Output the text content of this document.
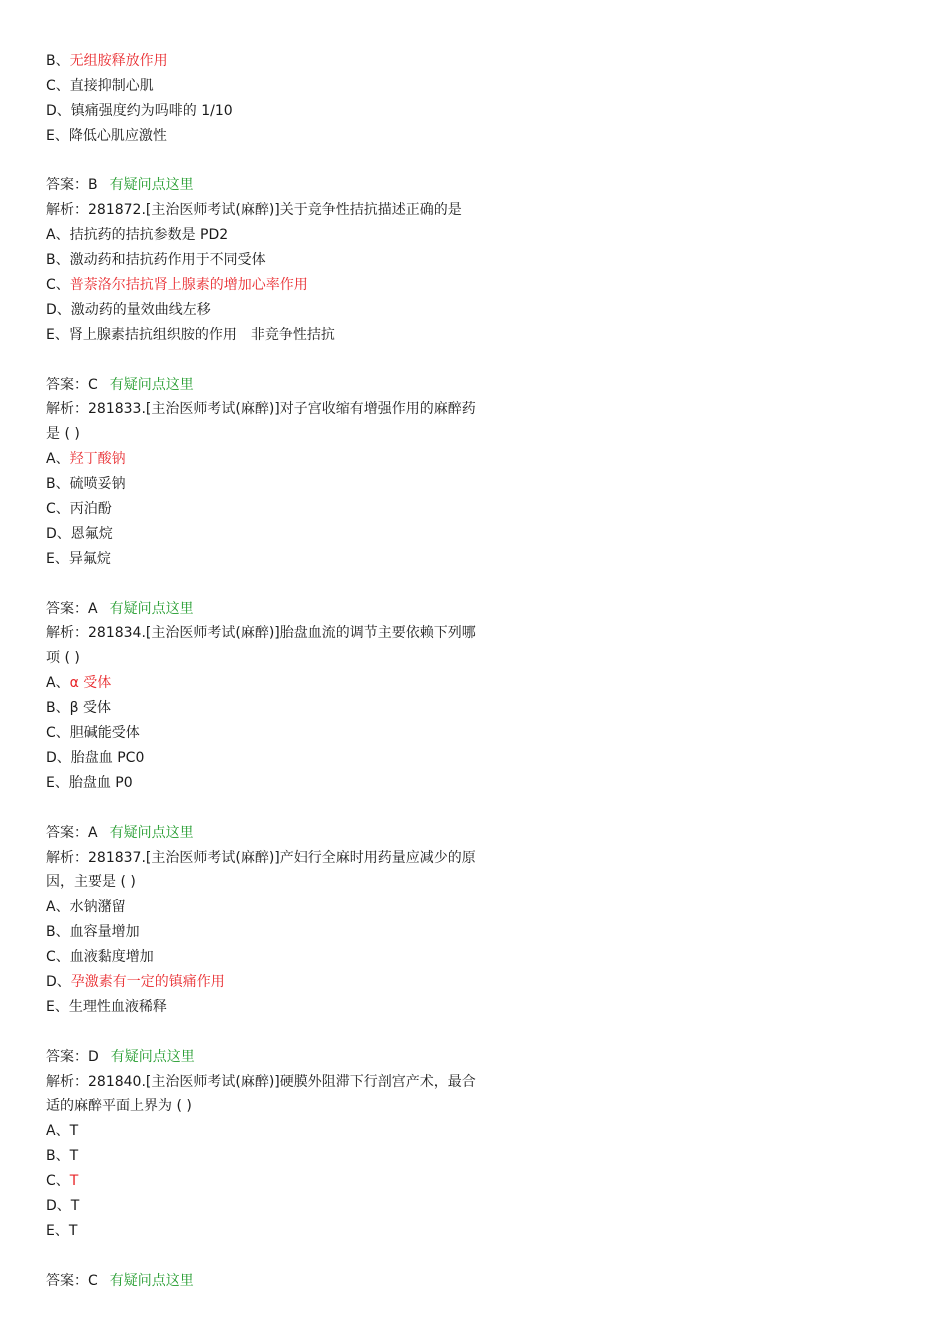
B、无组胺释放作用
C、直接抑制心肌
D、镇痛强度约为吗啡的 1/10
E、降低心肌应激性
答案：B 有疑问点这里
解析：281872.[主治医师考试(麻醉)]关于竞争性拮抗描述正确的是
A、拮抗药的拮抗参数是 PD2
B、激动药和拮抗药作用于不同受体
C、普萘洛尔拮抗肾上腺素的增加心率作用
D、激动药的量效曲线左移
E、肾上腺素拮抗组织胺的作用　非竞争性拮抗
答案：C 有疑问点这里
解析：281833.[主治医师考试(麻醉)]对子宫收缩有增强作用的麻醉药
是 ( )
A、羟丁酸钠
B、硫喷妥钠
C、丙泊酚
D、恩氟烷
E、异氟烷
答案：A 有疑问点这里
解析：281834.[主治医师考试(麻醉)]胎盘血流的调节主要依赖下列哪
项 ( )
A、α 受体
B、β 受体
C、胆碱能受体
D、胎盘血 PC0
E、胎盘血 P0
答案：A 有疑问点这里
解析：281837.[主治医师考试(麻醉)]产妇行全麻时用药量应减少的原
因，主要是 ( )
A、水钠潴留
B、血容量增加
C、血液黏度增加
D、孕激素有一定的镇痛作用
E、生理性血液稀释
答案：D 有疑问点这里
解析：281840.[主治医师考试(麻醉)]硬膜外阻滞下行剖宫产术，最合
适的麻醉平面上界为 ( )
A、T
B、T
C、T
D、T
E、T
答案：C 有疑问点这里
